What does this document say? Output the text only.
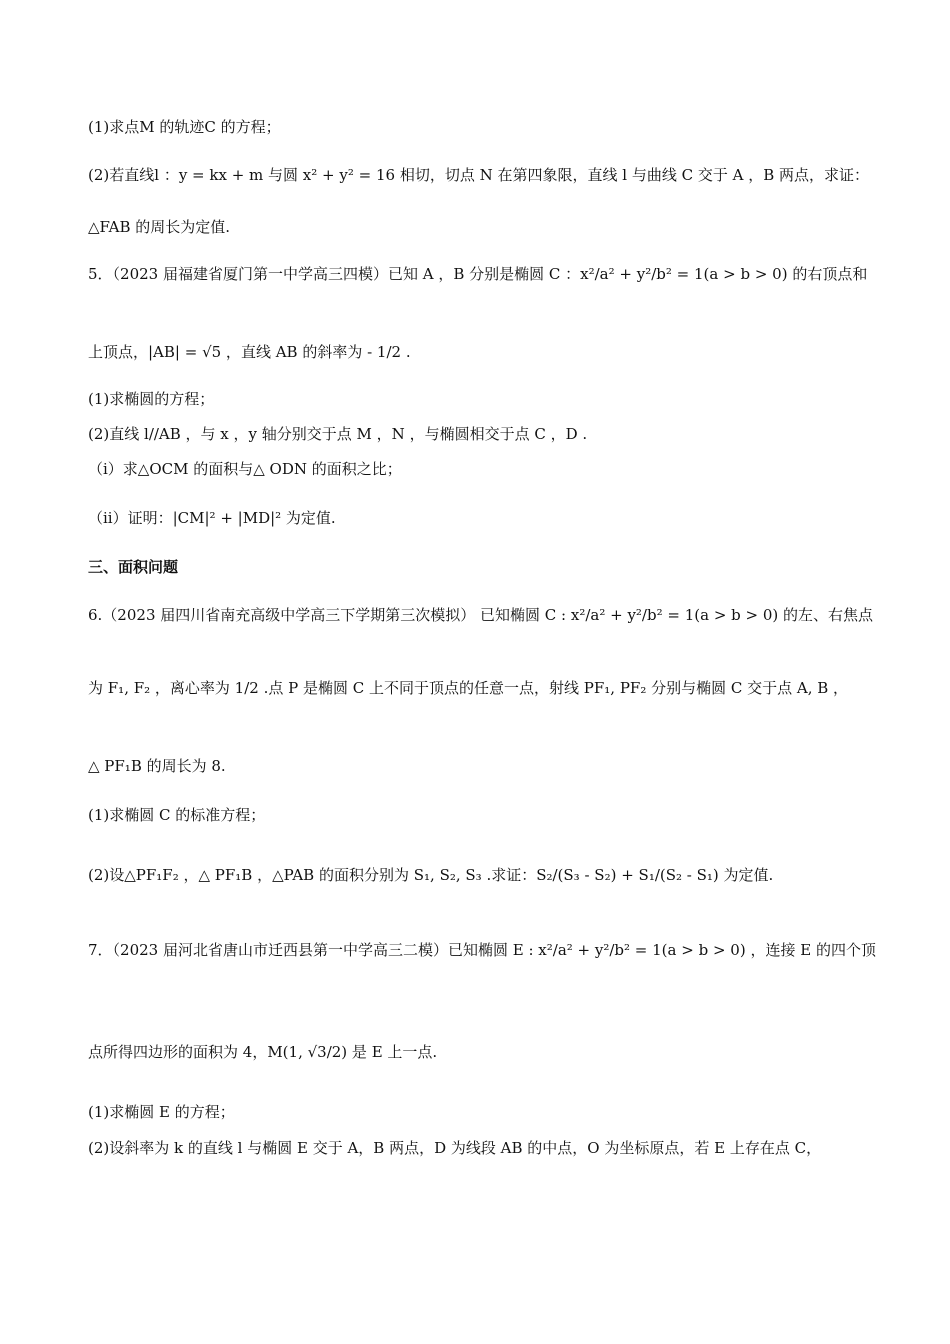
(1)求点M 的轨迹C 的方程；
(2)若直线l ：y = kx + m 与圆 x² + y² = 16 相切，切点 N 在第四象限，直线 l 与曲线 C 交于 A ，B 两点，求证：
△FAB 的周长为定值.
5．（2023 届福建省厦门第一中学高三四模）已知 A ，B 分别是椭圆 C ：x²/a² + y²/b² = 1(a > b > 0) 的右顶点和
上顶点，|AB| = √5 ，直线 AB 的斜率为 - 1/2 .
(1)求椭圆的方程；
(2)直线 l//AB ，与 x ，y 轴分别交于点 M ，N ，与椭圆相交于点 C ，D .
（i）求△OCM 的面积与△ ODN 的面积之比；
（ii）证明：|CM|² + |MD|² 为定值.
三、面积问题
6.（2023 届四川省南充高级中学高三下学期第三次模拟） 已知椭圆 C : x²/a² + y²/b² = 1(a > b > 0) 的左、右焦点
为 F₁, F₂ ，离心率为 1/2 .点 P 是椭圆 C 上不同于顶点的任意一点，射线 PF₁, PF₂ 分别与椭圆 C 交于点 A, B ，
△ PF₁B 的周长为 8.
(1)求椭圆 C 的标准方程；
(2)设△PF₁F₂ ，△ PF₁B ，△PAB 的面积分别为 S₁, S₂, S₃ .求证：S₂/(S₃ - S₂) + S₁/(S₂ - S₁) 为定值.
7．（2023 届河北省唐山市迁西县第一中学高三二模）已知椭圆 E : x²/a² + y²/b² = 1(a > b > 0) ，连接 E 的四个顶
点所得四边形的面积为 4，M(1, √3/2) 是 E 上一点.
(1)求椭圆 E 的方程；
(2)设斜率为 k 的直线 l 与椭圆 E 交于 A，B 两点，D 为线段 AB 的中点，O 为坐标原点，若 E 上存在点 C，
